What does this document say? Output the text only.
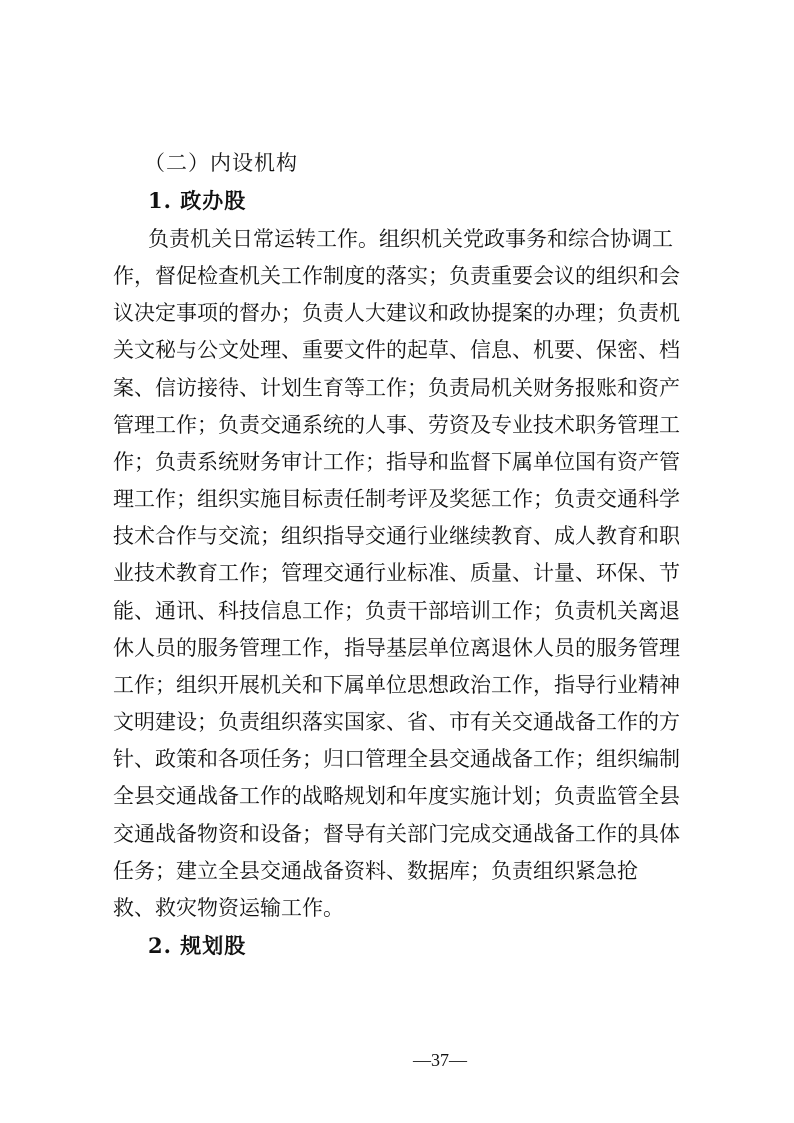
（二）内设机构
1. 政办股
负责机关日常运转工作。组织机关党政事务和综合协调工
作，督促检查机关工作制度的落实；负责重要会议的组织和会
议决定事项的督办；负责人大建议和政协提案的办理；负责机
关文秘与公文处理、重要文件的起草、信息、机要、保密、档
案、信访接待、计划生育等工作；负责局机关财务报账和资产
管理工作；负责交通系统的人事、劳资及专业技术职务管理工
作；负责系统财务审计工作；指导和监督下属单位国有资产管
理工作；组织实施目标责任制考评及奖惩工作；负责交通科学
技术合作与交流；组织指导交通行业继续教育、成人教育和职
业技术教育工作；管理交通行业标准、质量、计量、环保、节
能、通讯、科技信息工作；负责干部培训工作；负责机关离退
休人员的服务管理工作，指导基层单位离退休人员的服务管理
工作；组织开展机关和下属单位思想政治工作，指导行业精神
文明建设；负责组织落实国家、省、市有关交通战备工作的方
针、政策和各项任务；归口管理全县交通战备工作；组织编制
全县交通战备工作的战略规划和年度实施计划；负责监管全县
交通战备物资和设备；督导有关部门完成交通战备工作的具体
任务；建立全县交通战备资料、数据库；负责组织紧急抢
救、救灾物资运输工作。
2. 规划股
—37—
